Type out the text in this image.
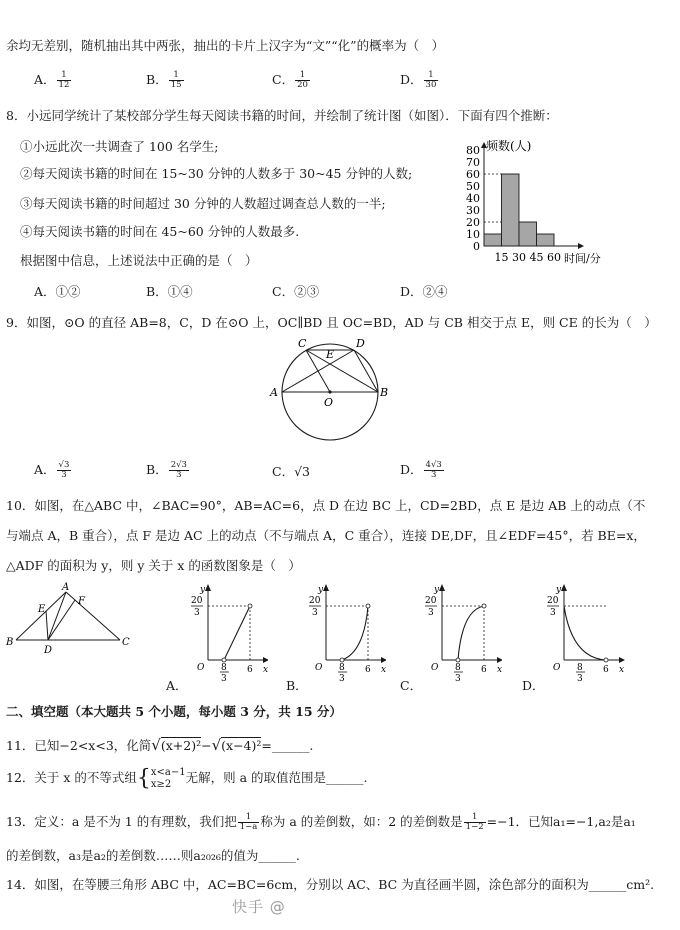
余均无差别，随机抽出其中两张，抽出的卡片上汉字为“文”“化”的概率为（　）
A． $\frac{1}{12}$	B． $\frac{1}{15}$	C． $\frac{1}{20}$	D． $\frac{1}{30}$
8．小远同学统计了某校部分学生每天阅读书籍的时间，并绘制了统计图（如图）．下面有四个推断：
①小远此次一共调查了 100 名学生;
②每天阅读书籍的时间在 15~30 分钟的人数多于 30~45 分钟的人数;
③每天阅读书籍的时间超过 30 分钟的人数超过调查总人数的一半;
④每天阅读书籍的时间在 45~60 分钟的人数最多.
根据图中信息，上述说法中正确的是（　）
A．①②	B．①④	C．②③	D．②④
频数(人)
时间/分
0
10
20
30
40
50
60
70
80
15 30 45 60
9．如图，⊙O 的直径 AB=8，C，D 在⊙O 上，OC∥BD 且 OC=BD，AD 与 CB 相交于点 E，则 CE 的长为（　）
C
E
D
A
O
B
A． $\frac{√3}{3}$	B． $\frac{2√3}{3}$	C．√3	D． $\frac{4√3}{3}$
10．如图，在△ABC 中，∠BAC=90°，AB=AC=6，点 D 在边 BC 上，CD=2BD，点 E 是边 AB 上的动点（不
与端点 A，B 重合），点 F 是边 AC 上的动点（不与端点 A，C 重合），连接 DE,DF，且∠EDF=45°，若 BE=x，
△ADF 的面积为 y，则 y 关于 x 的函数图象是（　）
A
E
F
B
D
C
y
x
O
20
3
8
3
6
y
x
O
20
3
8
3
6
y
x
O
20
3
8
3
6
y
x
O
20
3
8
3
6
A．	B．	C．	D．
二、填空题（本大题共 5 个小题，每小题 3 分，共 15 分）
11．已知−2<x<3，化简√(x+2)²−√(x−4)²=______.
12．关于 x 的不等式组{ x<a−1
x≥2	无解，则 a 的取值范围是______.
13．定义：a 是不为 1 的有理数，我们把 $\frac{1}{1-a}$ 称为 a 的差倒数，如：2 的差倒数是 $\frac{1}{1-2} =-1$．已知a₁=−1,a₂是a₁
的差倒数，a₃是a₂的差倒数……则a₂₀₂₆的值为______.
14．如图，在等腰三角形 ABC 中，AC=BC=6cm，分别以 AC、BC 为直径画半圆，涂色部分的面积为______cm².
快手 @
